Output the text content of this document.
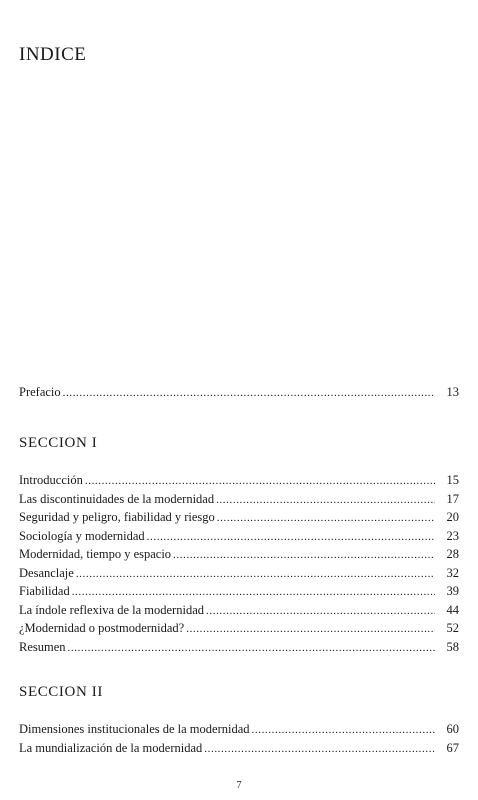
INDICE
Prefacio .....	13
SECCION I
Introducción .....	15
Las discontinuidades de la modernidad .....	17
Seguridad y peligro, fiabilidad y riesgo .....	20
Sociología y modernidad .....	23
Modernidad, tiempo y espacio .....	28
Desanclaje .....	32
Fiabilidad .....	39
La índole reflexiva de la modernidad .....	44
¿Modernidad o postmodernidad? .....	52
Resumen .....	58
SECCION II
Dimensiones institucionales de la modernidad .....	60
La mundialización de la modernidad .....	67
7
